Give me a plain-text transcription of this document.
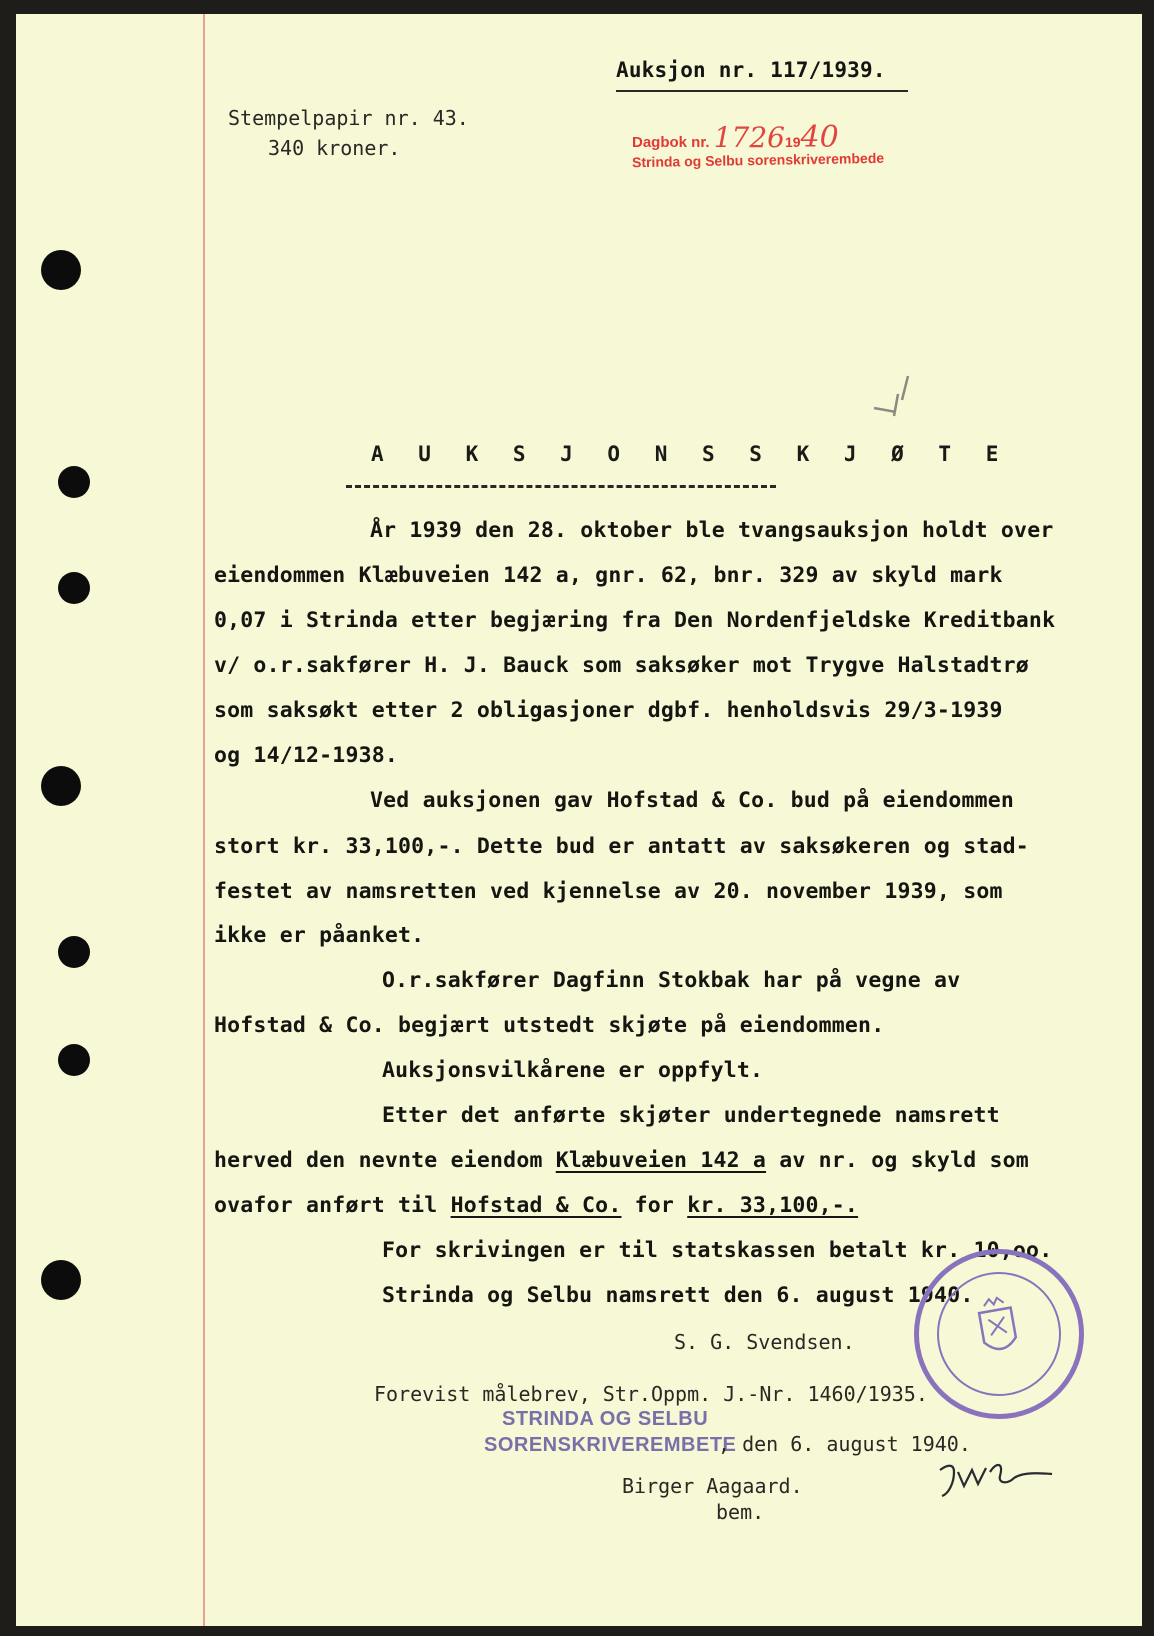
Auksjon nr. 117/1939.
Stempelpapir nr. 43.
340 kroner.	Dagbok nr. 17261940
Strinda og Selbu sorenskriverembede
A U K S J O N S S K J Ø T E
År 1939 den 28. oktober ble tvangsauksjon holdt over
eiendommen Klæbuveien 142 a, gnr. 62, bnr. 329 av skyld mark
0,07 i Strinda etter begjæring fra Den Nordenfjeldske Kreditbank
v/ o.r.sakfører H. J. Bauck som saksøker mot Trygve Halstadtrø
som saksøkt etter 2 obligasjoner dgbf. henholdsvis 29/3-1939
og 14/12-1938.
Ved auksjonen gav Hofstad & Co. bud på eiendommen
stort kr. 33,100,-. Dette bud er antatt av saksøkeren og stad-
festet av namsretten ved kjennelse av 20. november 1939, som
ikke er påanket.
O.r.sakfører Dagfinn Stokbak har på vegne av
Hofstad & Co. begjært utstedt skjøte på eiendommen.
Auksjonsvilkårene er oppfylt.
Etter det anførte skjøter undertegnede namsrett
herved den nevnte eiendom Klæbuveien 142 a av nr. og skyld som
ovafor anført til Hofstad & Co. for kr. 33,100,-.
For skrivingen er til statskassen betalt kr. 10,oo.
Strinda og Selbu namsrett den 6. august 1940.
S. G. Svendsen.
Forevist målebrev, Str.Oppm. J.-Nr. 1460/1935.
STRINDA OG SELBU
SORENSKRIVEREMBETE
, den 6. august 1940.
Birger Aagaard.
bem.
